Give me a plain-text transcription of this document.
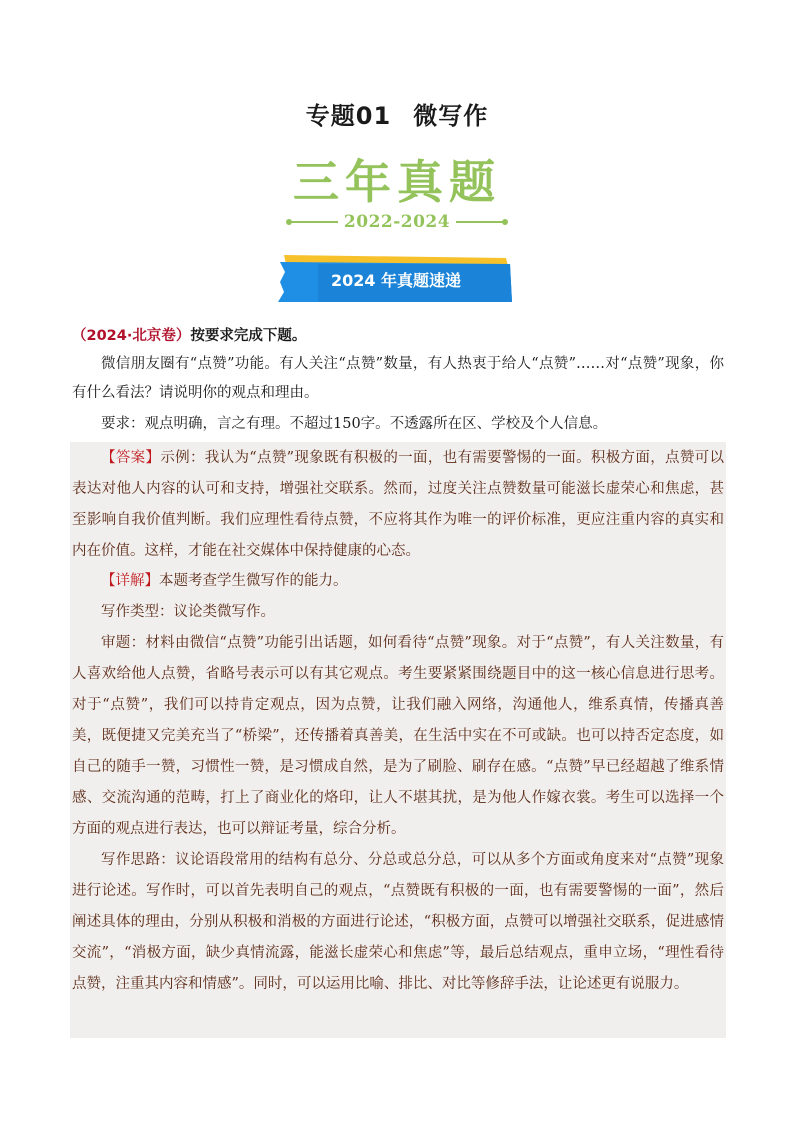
专题01 微写作
三年真题
2022-2024
2024 年真题速递
（2024·北京卷）按要求完成下题。
微信朋友圈有“点赞”功能。有人关注“点赞”数量，有人热衷于给人“点赞”……对“点赞”现象，你有什么看法？请说明你的观点和理由。
要求：观点明确，言之有理。不超过150字。不透露所在区、学校及个人信息。
【答案】示例：我认为“点赞”现象既有积极的一面，也有需要警惕的一面。积极方面，点赞可以表达对他人内容的认可和支持，增强社交联系。然而，过度关注点赞数量可能滋长虚荣心和焦虑，甚至影响自我价值判断。我们应理性看待点赞，不应将其作为唯一的评价标准，更应注重内容的真实和内在价值。这样，才能在社交媒体中保持健康的心态。
【详解】本题考查学生微写作的能力。
写作类型：议论类微写作。
审题：材料由微信“点赞”功能引出话题，如何看待“点赞”现象。对于“点赞”，有人关注数量，有人喜欢给他人点赞，省略号表示可以有其它观点。考生要紧紧围绕题目中的这一核心信息进行思考。对于“点赞”，我们可以持肯定观点，因为点赞，让我们融入网络，沟通他人，维系真情，传播真善美，既便捷又完美充当了“桥梁”，还传播着真善美，在生活中实在不可或缺。也可以持否定态度，如自己的随手一赞，习惯性一赞，是习惯成自然，是为了刷脸、刷存在感。“点赞”早已经超越了维系情感、交流沟通的范畴，打上了商业化的烙印，让人不堪其扰，是为他人作嫁衣裳。考生可以选择一个方面的观点进行表达，也可以辩证考量，综合分析。
写作思路：议论语段常用的结构有总分、分总或总分总，可以从多个方面或角度来对“点赞”现象进行论述。写作时，可以首先表明自己的观点，“点赞既有积极的一面，也有需要警惕的一面”，然后阐述具体的理由，分别从积极和消极的方面进行论述，“积极方面，点赞可以增强社交联系，促进感情交流”，“消极方面，缺少真情流露，能滋长虚荣心和焦虑”等，最后总结观点，重申立场，“理性看待点赞，注重其内容和情感”。同时，可以运用比喻、排比、对比等修辞手法，让论述更有说服力。
